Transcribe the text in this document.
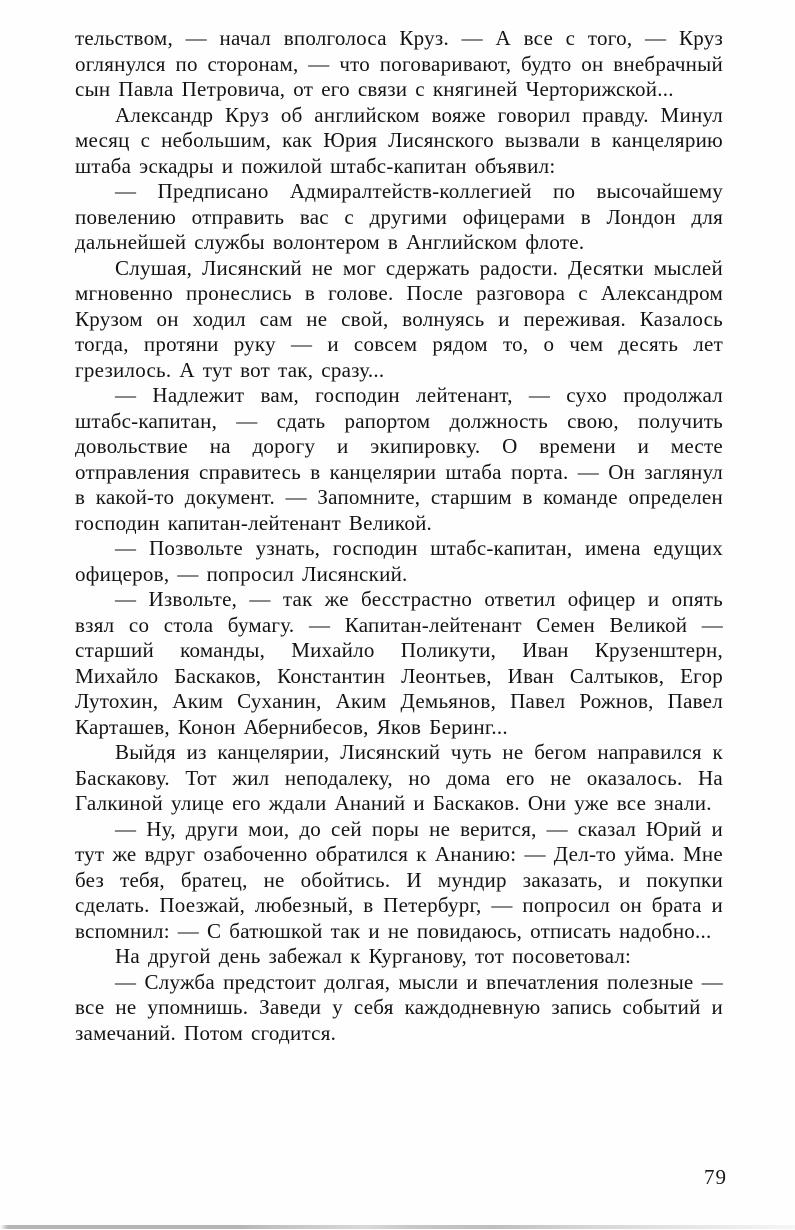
тельством, — начал вполголоса Круз. — А все с того, — Круз оглянулся по сторонам, — что поговаривают, будто он внебрачный сын Павла Петровича, от его связи с княгиней Черторижской...

Александр Круз об английском вояже говорил правду. Минул месяц с небольшим, как Юрия Лисянского вызвали в канцелярию штаба эскадры и пожилой штабс-капитан объявил:

— Предписано Адмиралтейств-коллегией по высочайшему повелению отправить вас с другими офицерами в Лондон для дальнейшей службы волонтером в Английском флоте.

Слушая, Лисянский не мог сдержать радости. Десятки мыслей мгновенно пронеслись в голове. После разговора с Александром Крузом он ходил сам не свой, волнуясь и переживая. Казалось тогда, протяни руку — и совсем рядом то, о чем десять лет грезилось. А тут вот так, сразу...

— Надлежит вам, господин лейтенант, — сухо продолжал штабс-капитан, — сдать рапортом должность свою, получить довольствие на дорогу и экипировку. О времени и месте отправления справитесь в канцелярии штаба порта. — Он заглянул в какой-то документ. — Запомните, старшим в команде определен господин капитан-лейтенант Великой.

— Позвольте узнать, господин штабс-капитан, имена едущих офицеров, — попросил Лисянский.

— Извольте, — так же бесстрастно ответил офицер и опять взял со стола бумагу. — Капитан-лейтенант Семен Великой — старший команды, Михайло Поликути, Иван Крузенштерн, Михайло Баскаков, Константин Леонтьев, Иван Салтыков, Егор Лутохин, Аким Суханин, Аким Демьянов, Павел Рожнов, Павел Карташев, Конон Абернибесов, Яков Беринг...

Выйдя из канцелярии, Лисянский чуть не бегом направился к Баскакову. Тот жил неподалеку, но дома его не оказалось. На Галкиной улице его ждали Ананий и Баскаков. Они уже все знали.

— Ну, други мои, до сей поры не верится, — сказал Юрий и тут же вдруг озабоченно обратился к Ананию: — Дел-то уйма. Мне без тебя, братец, не обойтись. И мундир заказать, и покупки сделать. Поезжай, любезный, в Петербург, — попросил он брата и вспомнил: — С батюшкой так и не повидаюсь, отписать надобно...

На другой день забежал к Курганову, тот посоветовал:

— Служба предстоит долгая, мысли и впечатления полезные — все не упомнишь. Заведи у себя каждодневную запись событий и замечаний. Потом сгодится.

79
